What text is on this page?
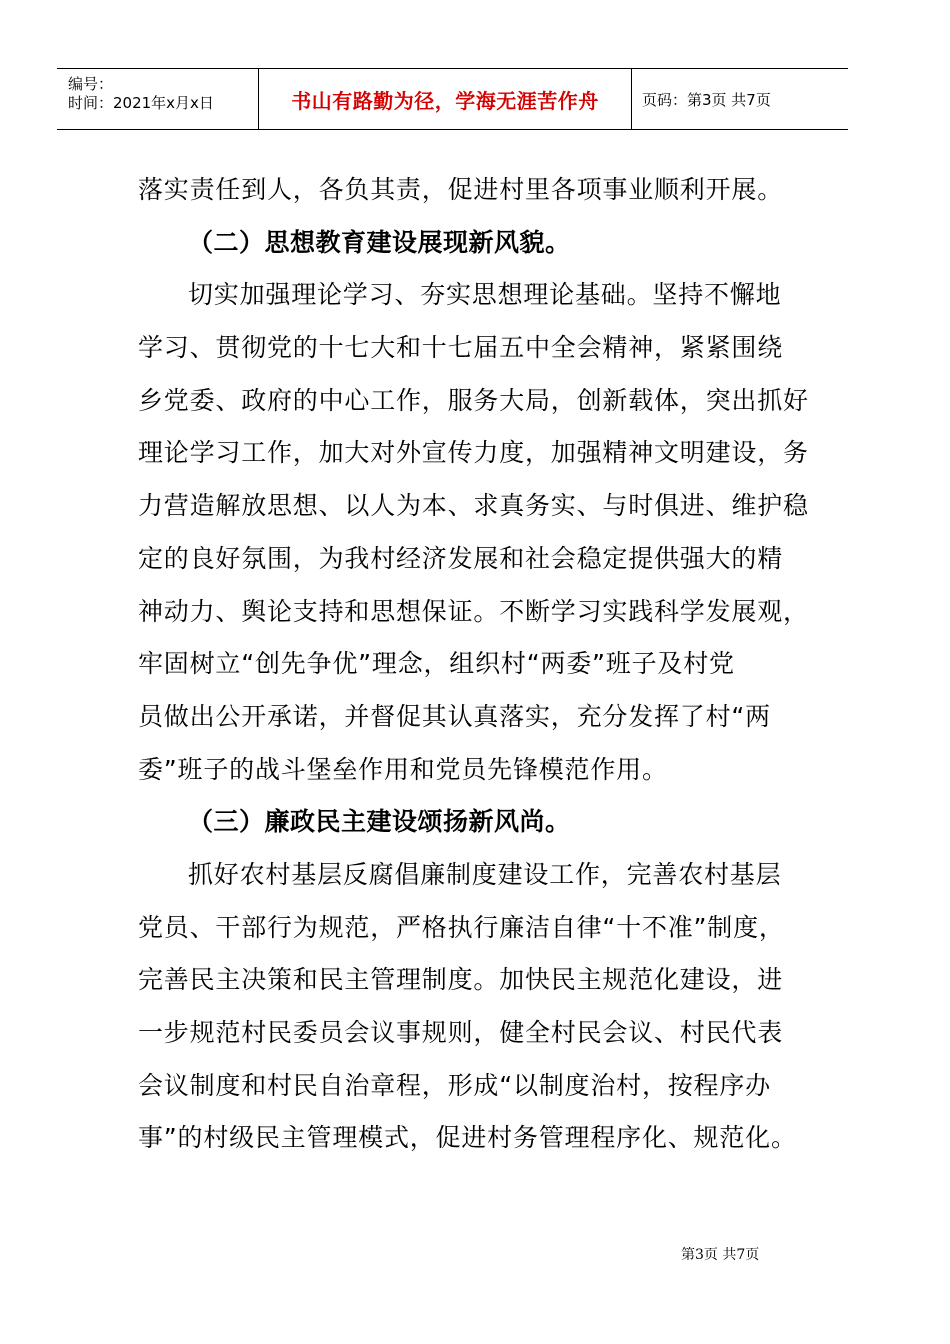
编号：
时间：2021年x月x日	书山有路勤为径，学海无涯苦作舟	页码：第3页 共7页
落实责任到人，各负其责，促进村里各项事业顺利开展。
（二）思想教育建设展现新风貌。
切实加强理论学习、夯实思想理论基础。坚持不懈地
学习、贯彻党的十七大和十七届五中全会精神，紧紧围绕
乡党委、政府的中心工作，服务大局，创新载体，突出抓好
理论学习工作，加大对外宣传力度，加强精神文明建设，务
力营造解放思想、以人为本、求真务实、与时俱进、维护稳
定的良好氛围，为我村经济发展和社会稳定提供强大的精
神动力、舆论支持和思想保证。不断学习实践科学发展观，
牢固树立“创先争优”理念，组织村“两委”班子及村党
员做出公开承诺，并督促其认真落实，充分发挥了村“两
委”班子的战斗堡垒作用和党员先锋模范作用。
（三）廉政民主建设颂扬新风尚。
抓好农村基层反腐倡廉制度建设工作，完善农村基层
党员、干部行为规范，严格执行廉洁自律“十不准”制度，
完善民主决策和民主管理制度。加快民主规范化建设，进
一步规范村民委员会议事规则，健全村民会议、村民代表
会议制度和村民自治章程，形成“以制度治村，按程序办
事”的村级民主管理模式，促进村务管理程序化、规范化。
第3页 共7页
